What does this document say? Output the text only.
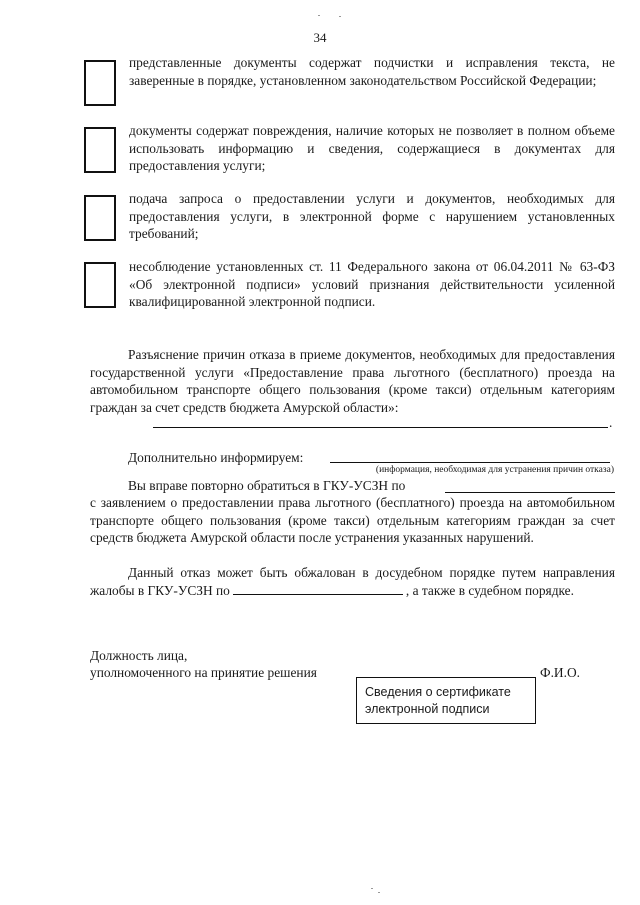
34
представленные документы содержат подчистки и исправления текста, не заверенные в порядке, установленном законодательством Российской Федерации;
документы содержат повреждения, наличие которых не позволяет в полном объеме использовать информацию и сведения, содержащиеся в документах для предоставления услуги;
подача запроса о предоставлении услуги и документов, необходимых для предоставления услуги, в электронной форме с нарушением установленных требований;
несоблюдение установленных ст. 11 Федерального закона от 06.04.2011 № 63-ФЗ «Об электронной подписи» условий признания действительности усиленной квалифицированной электронной подписи.
Разъяснение причин отказа в приеме документов, необходимых для предоставления государственной услуги «Предоставление права льготного (бесплатного) проезда на автомобильном транспорте общего пользования (кроме такси) отдельным категориям граждан за счет средств бюджета Амурской области»:
.
Дополнительно информируем:
(информация, необходимая для устранения причин отказа)
Вы вправе повторно обратиться в ГКУ-УСЗН по
с заявлением о предоставлении права льготного (бесплатного) проезда на автомобильном транспорте общего пользования (кроме такси) отдельным категориям граждан за счет средств бюджета Амурской области после устранения указанных нарушений.
Данный отказ может быть обжалован в досудебном порядке путем направления жалобы в ГКУ-УСЗН по	, а также в судебном порядке.
Должность лица,
уполномоченного на принятие решения	Ф.И.О.
Сведения о сертификате
электронной подписи
